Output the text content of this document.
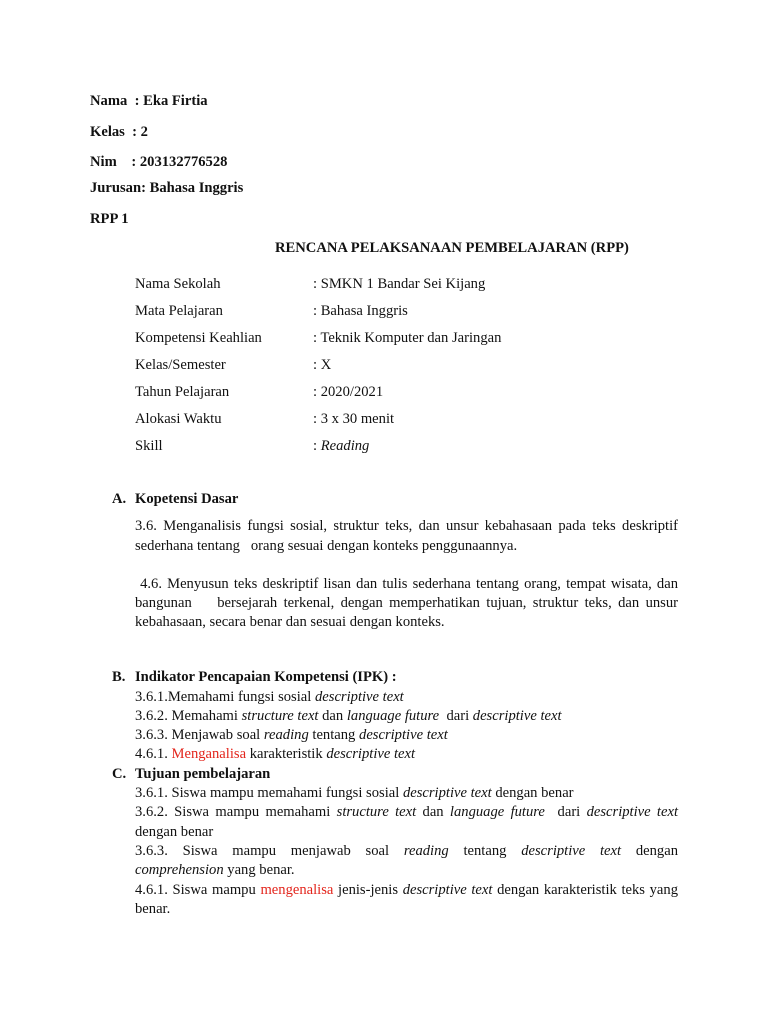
Nama : Eka Firtia
Kelas : 2
Nim : 203132776528
Jurusan: Bahasa Inggris
RPP 1
RENCANA PELAKSANAAN PEMBELAJARAN (RPP)
Nama Sekolah	: SMKN 1 Bandar Sei Kijang
Mata Pelajaran	: Bahasa Inggris
Kompetensi Keahlian	: Teknik Komputer dan Jaringan
Kelas/Semester	: X
Tahun Pelajaran	: 2020/2021
Alokasi Waktu	: 3 x 30 menit
Skill	: Reading
A. Kopetensi Dasar
3.6. Menganalisis fungsi sosial, struktur teks, dan unsur kebahasaan pada teks deskriptif
sederhana tentang   orang sesuai dengan konteks penggunaannya.
4.6. Menyusun teks deskriptif lisan dan tulis sederhana tentang orang, tempat wisata, dan
bangunan    bersejarah terkenal, dengan memperhatikan tujuan, struktur teks, dan unsur
kebahasaan, secara benar dan sesuai dengan konteks.
B. Indikator Pencapaian Kompetensi (IPK) :
3.6.1.Memahami fungsi sosial descriptive text
3.6.2. Memahami structure text dan language future  dari descriptive text
3.6.3. Menjawab soal reading tentang descriptive text
4.6.1. Menganalisa karakteristik descriptive text
C. Tujuan pembelajaran
3.6.1. Siswa mampu memahami fungsi sosial descriptive text dengan benar
3.6.2. Siswa mampu memahami structure text dan language future  dari descriptive text
dengan benar
3.6.3. Siswa mampu menjawab soal reading tentang descriptive text dengan
comprehension yang benar.
4.6.1. Siswa mampu mengenalisa jenis-jenis descriptive text dengan karakteristik teks yang
benar.
